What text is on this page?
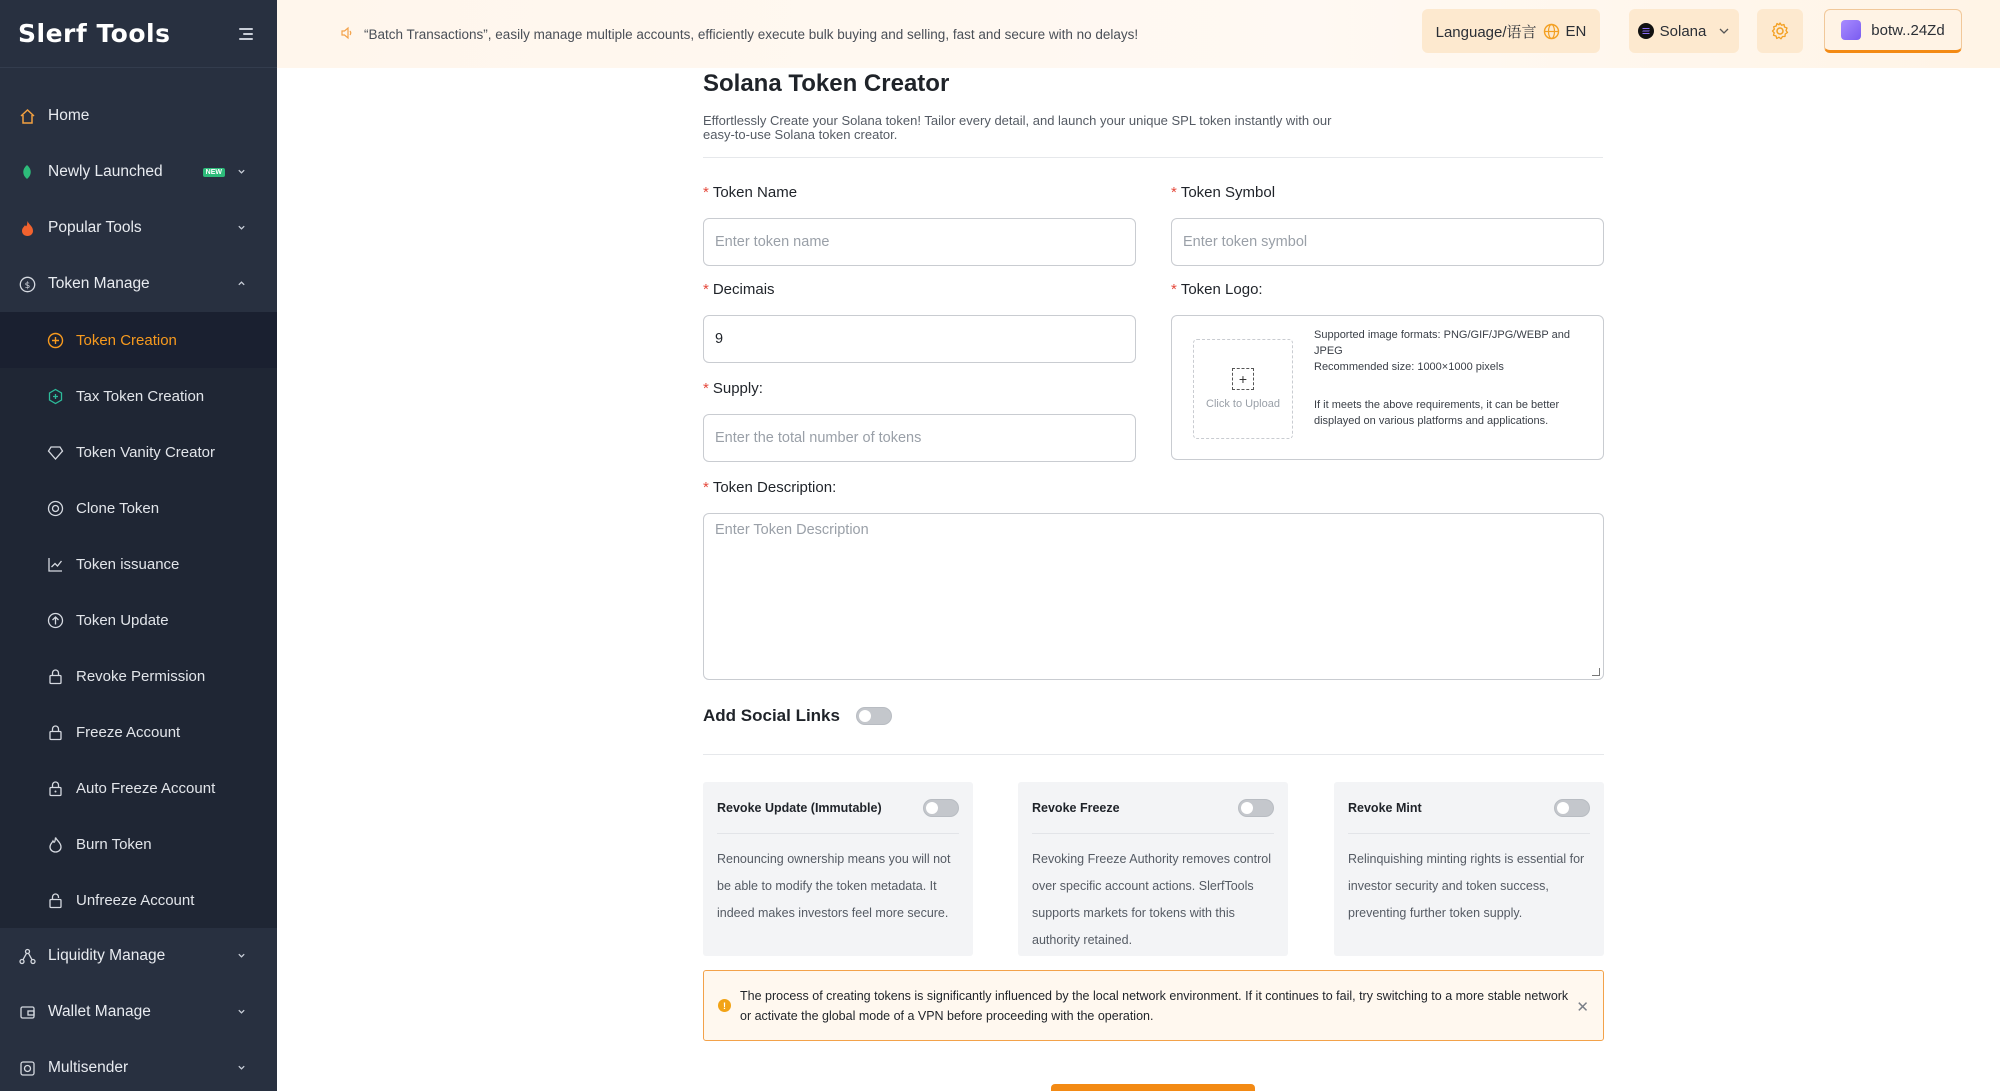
Slerf Tools
Home
Newly Launched	NEW
Popular Tools
$ Token Manage
Token Creation
Tax Token Creation
Token Vanity Creator
Clone Token
Token issuance
Token Update
Revoke Permission
Freeze Account
Auto Freeze Account
Burn Token
Unfreeze Account
Liquidity Manage
Wallet Manage
Multisender
“Batch Transactions”, easily manage multiple accounts, efficiently execute bulk buying and selling, fast and secure with no delays!	Language/语言 EN	Solana	botw..24Zd
Solana Token Creator
Effortlessly Create your Solana token! Tailor every detail, and launch your unique SPL token instantly with our easy-to-use Solana token creator.
* Token Name
Enter token name
* Token Symbol
Enter token symbol
* Decimais
9
* Token Logo:
+
Click to Upload
Supported image formats: PNG/GIF/JPG/WEBP and JPEG
Recommended size: 1000×1000 pixels
If it meets the above requirements, it can be better displayed on various platforms and applications.
* Supply:
Enter the total number of tokens
* Token Description:
Enter Token Description
Add Social Links
Revoke Update (Immutable)
Renouncing ownership means you will not be able to modify the token metadata. It indeed makes investors feel more secure.
Revoke Freeze
Revoking Freeze Authority removes control over specific account actions. SlerfTools supports markets for tokens with this authority retained.
Revoke Mint
Relinquishing minting rights is essential for investor security and token success, preventing further token supply.
!
The process of creating tokens is significantly influenced by the local network environment. If it continues to fail, try switching to a more stable network or activate the global mode of a VPN before proceeding with the operation.	✕
